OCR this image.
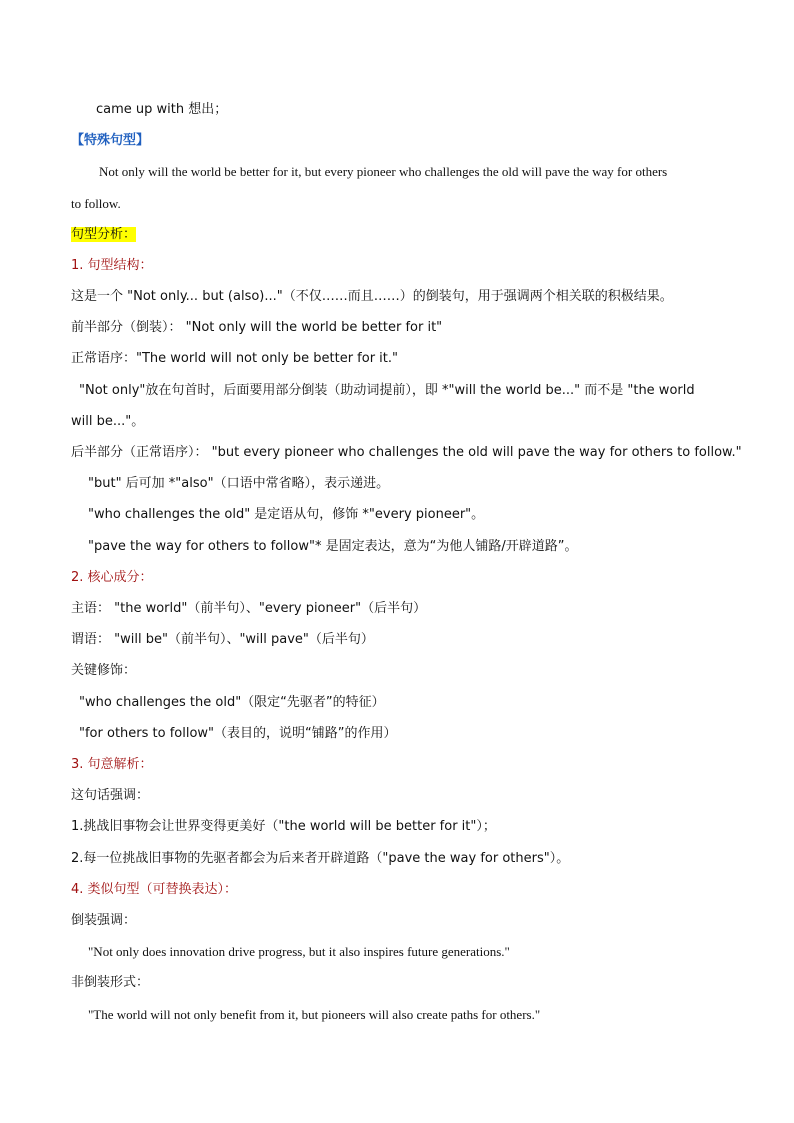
came up with 想出；
【特殊句型】
Not only will the world be better for it, but every pioneer who challenges the old will pave the way for others
to follow.
句型分析：
1. 句型结构：
这是一个 "Not only... but (also)..."（不仅……而且……）的倒装句，用于强调两个相关联的积极结果。
前半部分（倒装）： "Not only will the world be better for it"
正常语序："The world will not only be better for it."
"Not only"放在句首时，后面要用部分倒装（助动词提前），即 *"will the world be..." 而不是 "the world
will be..."。
后半部分（正常语序）： "but every pioneer who challenges the old will pave the way for others to follow."
"but" 后可加 *"also"（口语中常省略），表示递进。
"who challenges the old" 是定语从句，修饰 *"every pioneer"。
"pave the way for others to follow"* 是固定表达，意为“为他人铺路/开辟道路”。
2. 核心成分：
主语： "the world"（前半句）、"every pioneer"（后半句）
谓语： "will be"（前半句）、"will pave"（后半句）
关键修饰：
"who challenges the old"（限定“先驱者”的特征）
"for others to follow"（表目的，说明“铺路”的作用）
3. 句意解析：
这句话强调：
1.挑战旧事物会让世界变得更美好（"the world will be better for it"）；
2.每一位挑战旧事物的先驱者都会为后来者开辟道路（"pave the way for others"）。
4. 类似句型（可替换表达）：
倒装强调：
"Not only does innovation drive progress, but it also inspires future generations."
非倒装形式：
"The world will not only benefit from it, but pioneers will also create paths for others."
